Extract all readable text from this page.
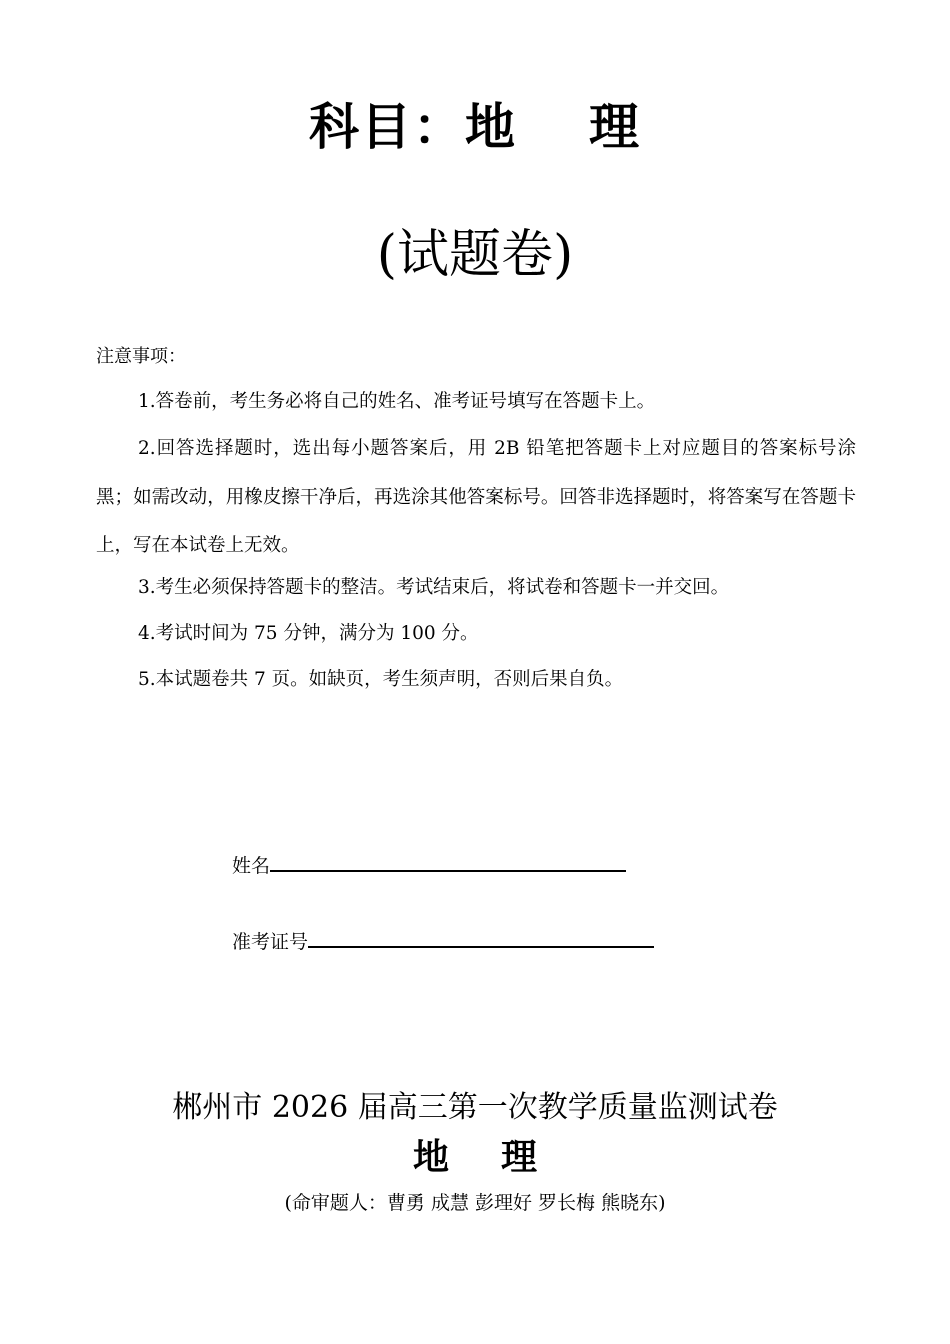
科目：地 理
(试题卷)
注意事项：
1.答卷前，考生务必将自己的姓名、准考证号填写在答题卡上。
2.回答选择题时，选出每小题答案后，用 2B 铅笔把答题卡上对应题目的答案标号涂黑；如需改动，用橡皮擦干净后，再选涂其他答案标号。回答非选择题时，将答案写在答题卡上，写在本试卷上无效。
3.考生必须保持答题卡的整洁。考试结束后，将试卷和答题卡一并交回。
4.考试时间为 75 分钟，满分为 100 分。
5.本试题卷共 7 页。如缺页，考生须声明，否则后果自负。
姓名
准考证号
郴州市 2026 届高三第一次教学质量监测试卷
地 理
(命审题人：曹勇 成慧 彭理好 罗长梅 熊晓东)
